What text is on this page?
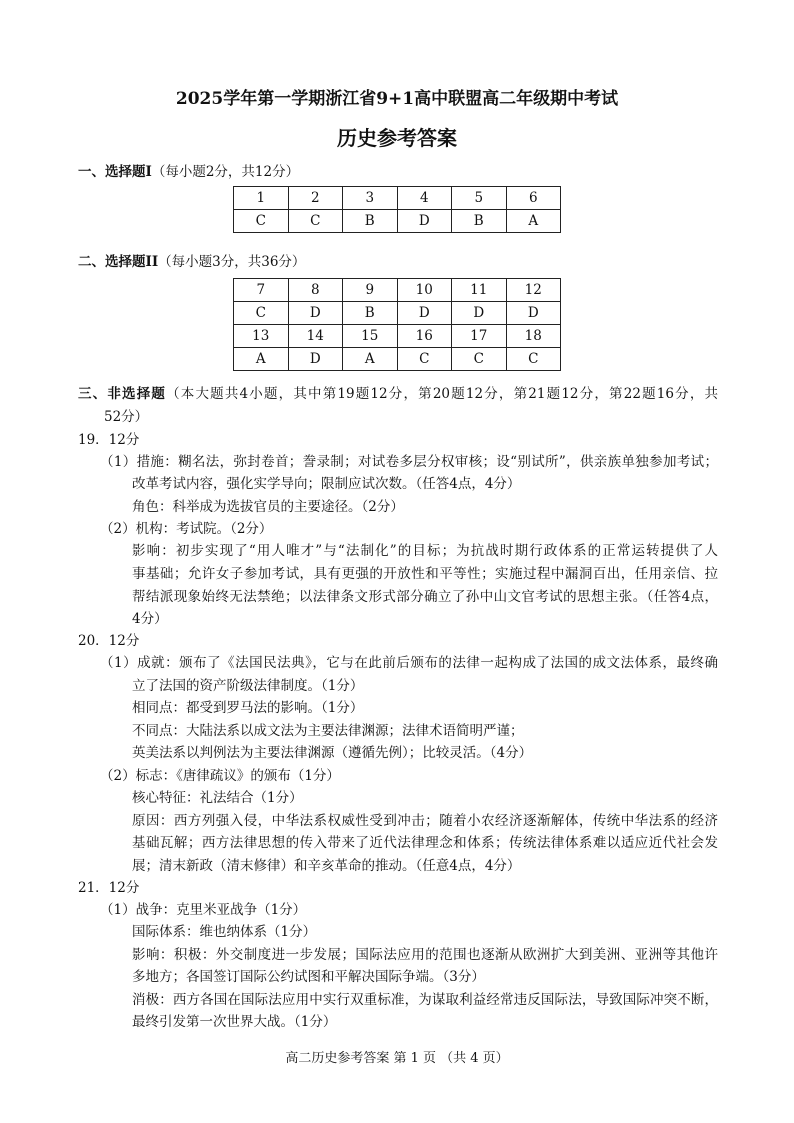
2025学年第一学期浙江省9+1高中联盟高二年级期中考试
历史参考答案
一、选择题I（每小题2分，共12分）
1	2	3	4	5	6
C	C	B	D	B	A
二、选择题II（每小题3分，共36分）
7	8	9	10	11	12
C	D	B	D	D	D
13	14	15	16	17	18
A	D	A	C	C	C
三、非选择题（本大题共4小题，其中第19题12分，第20题12分，第21题12分，第22题16分，共
52分）
19．12分
（1）措施：糊名法，弥封卷首；誊录制；对试卷多层分权审核；设“别试所”，供亲族单独参加考试；
改革考试内容，强化实学导向；限制应试次数。（任答4点，4分）
角色：科举成为选拔官员的主要途径。（2分）
（2）机构：考试院。（2分）
影响：初步实现了“用人唯才”与“法制化”的目标；为抗战时期行政体系的正常运转提供了人
事基础；允许女子参加考试，具有更强的开放性和平等性；实施过程中漏洞百出，任用亲信、拉
帮结派现象始终无法禁绝；以法律条文形式部分确立了孙中山文官考试的思想主张。（任答4点，
4分）
20．12分
（1）成就：颁布了《法国民法典》，它与在此前后颁布的法律一起构成了法国的成文法体系，最终确
立了法国的资产阶级法律制度。（1分）
相同点：都受到罗马法的影响。（1分）
不同点：大陆法系以成文法为主要法律渊源；法律术语简明严谨；
英美法系以判例法为主要法律渊源（遵循先例）；比较灵活。（4分）
（2）标志：《唐律疏议》的颁布（1分）
核心特征：礼法结合（1分）
原因：西方列强入侵，中华法系权威性受到冲击；随着小农经济逐渐解体，传统中华法系的经济
基础瓦解；西方法律思想的传入带来了近代法律理念和体系；传统法律体系难以适应近代社会发
展；清末新政（清末修律）和辛亥革命的推动。（任意4点，4分）
21．12分
（1）战争：克里米亚战争（1分）
国际体系：维也纳体系（1分）
影响：积极：外交制度进一步发展；国际法应用的范围也逐渐从欧洲扩大到美洲、亚洲等其他许
多地方；各国签订国际公约试图和平解决国际争端。（3分）
消极：西方各国在国际法应用中实行双重标准，为谋取利益经常违反国际法，导致国际冲突不断，
最终引发第一次世界大战。（1分）
高二历史参考答案 第 1 页 （共 4 页）
